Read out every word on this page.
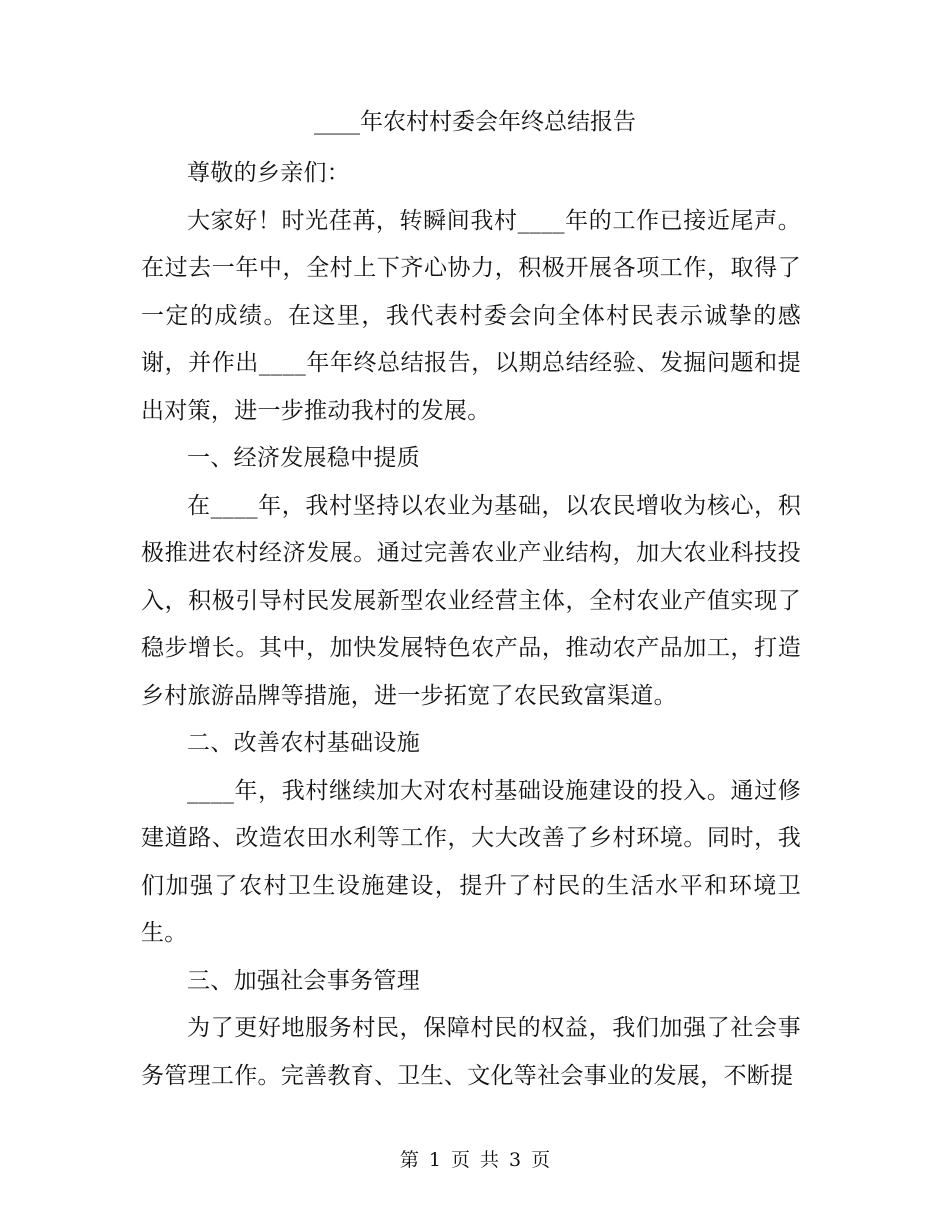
____年农村村委会年终总结报告

尊敬的乡亲们：

大家好！时光荏苒，转瞬间我村____年的工作已接近尾声。在过去一年中，全村上下齐心协力，积极开展各项工作，取得了一定的成绩。在这里，我代表村委会向全体村民表示诚挚的感谢，并作出____年年终总结报告，以期总结经验、发掘问题和提出对策，进一步推动我村的发展。

一、经济发展稳中提质

在____年，我村坚持以农业为基础，以农民增收为核心，积极推进农村经济发展。通过完善农业产业结构，加大农业科技投入，积极引导村民发展新型农业经营主体，全村农业产值实现了稳步增长。其中，加快发展特色农产品，推动农产品加工，打造乡村旅游品牌等措施，进一步拓宽了农民致富渠道。

二、改善农村基础设施

____年，我村继续加大对农村基础设施建设的投入。通过修建道路、改造农田水利等工作，大大改善了乡村环境。同时，我们加强了农村卫生设施建设，提升了村民的生活水平和环境卫生。

三、加强社会事务管理

为了更好地服务村民，保障村民的权益，我们加强了社会事务管理工作。完善教育、卫生、文化等社会事业的发展，不断提

第 1 页 共 3 页
